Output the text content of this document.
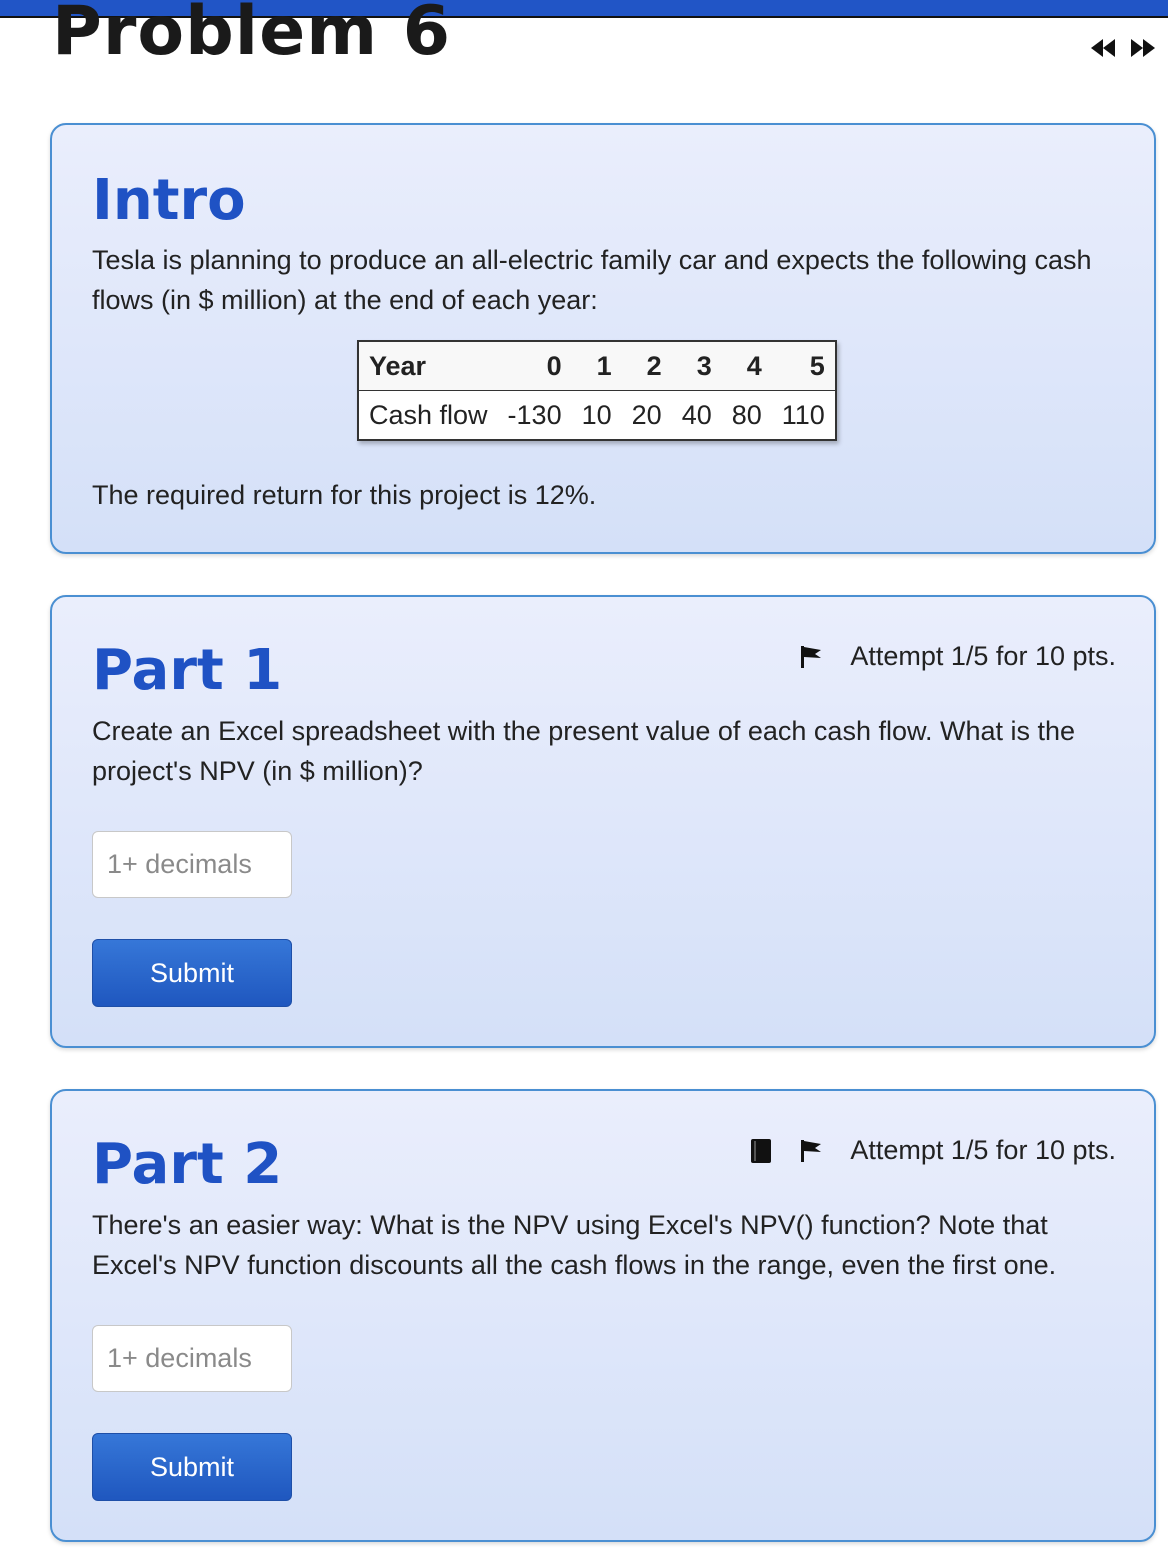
Problem 6
Intro

Tesla is planning to produce an all-electric family car and expects the following cash flows (in $ million) at the end of each year:

Year	0	1	2	3	4	5
Cash flow	-130	10	20	40	80	110

The required return for this project is 12%.

Part 1	Attempt 1/5 for 10 pts.

Create an Excel spreadsheet with the present value of each cash flow. What is the project's NPV (in $ million)?

1+ decimals
Submit
Part 2	Attempt 1/5 for 10 pts.

There's an easier way: What is the NPV using Excel's NPV() function? Note that Excel's NPV function discounts all the cash flows in the range, even the first one.

1+ decimals
Submit
